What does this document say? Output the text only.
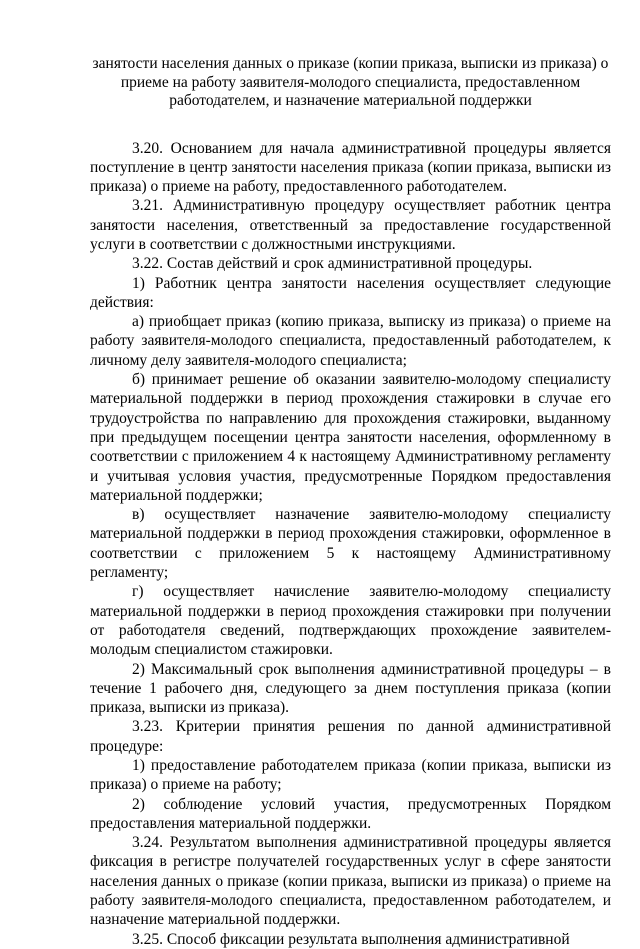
занятости населения данных о приказе (копии приказа, выписки из приказа) о
приеме на работу заявителя-молодого специалиста, предоставленном
работодателем, и назначение материальной поддержки

3.20. Основанием для начала административной процедуры является поступление в центр занятости населения приказа (копии приказа, выписки из приказа) о приеме на работу, предоставленного работодателем.

3.21. Административную процедуру осуществляет работник центра занятости населения, ответственный за предоставление государственной услуги в соответствии с должностными инструкциями.

3.22. Состав действий и срок административной процедуры.

1) Работник центра занятости населения осуществляет следующие действия:

а) приобщает приказ (копию приказа, выписку из приказа) о приеме на работу заявителя-молодого специалиста, предоставленный работодателем, к личному делу заявителя-молодого специалиста;

б) принимает решение об оказании заявителю-молодому специалисту материальной поддержки в период прохождения стажировки в случае его трудоустройства по направлению для прохождения стажировки, выданному при предыдущем посещении центра занятости населения, оформленному в соответствии с приложением 4 к настоящему Административному регламенту и учитывая условия участия, предусмотренные Порядком предоставления материальной поддержки;

в) осуществляет назначение заявителю-молодому специалисту материальной поддержки в период прохождения стажировки, оформленное в соответствии с приложением 5 к настоящему Административному регламенту;

г) осуществляет начисление заявителю-молодому специалисту материальной поддержки в период прохождения стажировки при получении от работодателя сведений, подтверждающих прохождение заявителем-молодым специалистом стажировки.

2) Максимальный срок выполнения административной процедуры – в течение 1 рабочего дня, следующего за днем поступления приказа (копии приказа, выписки из приказа).

3.23. Критерии принятия решения по данной административной процедуре:

1) предоставление работодателем приказа (копии приказа, выписки из приказа) о приеме на работу;

2) соблюдение условий участия, предусмотренных Порядком предоставления материальной поддержки.

3.24. Результатом выполнения административной процедуры является фиксация в регистре получателей государственных услуг в сфере занятости населения данных о приказе (копии приказа, выписки из приказа) о приеме на работу заявителя-молодого специалиста, предоставленном работодателем, и назначение материальной поддержки.

3.25. Способ фиксации результата выполнения административной
